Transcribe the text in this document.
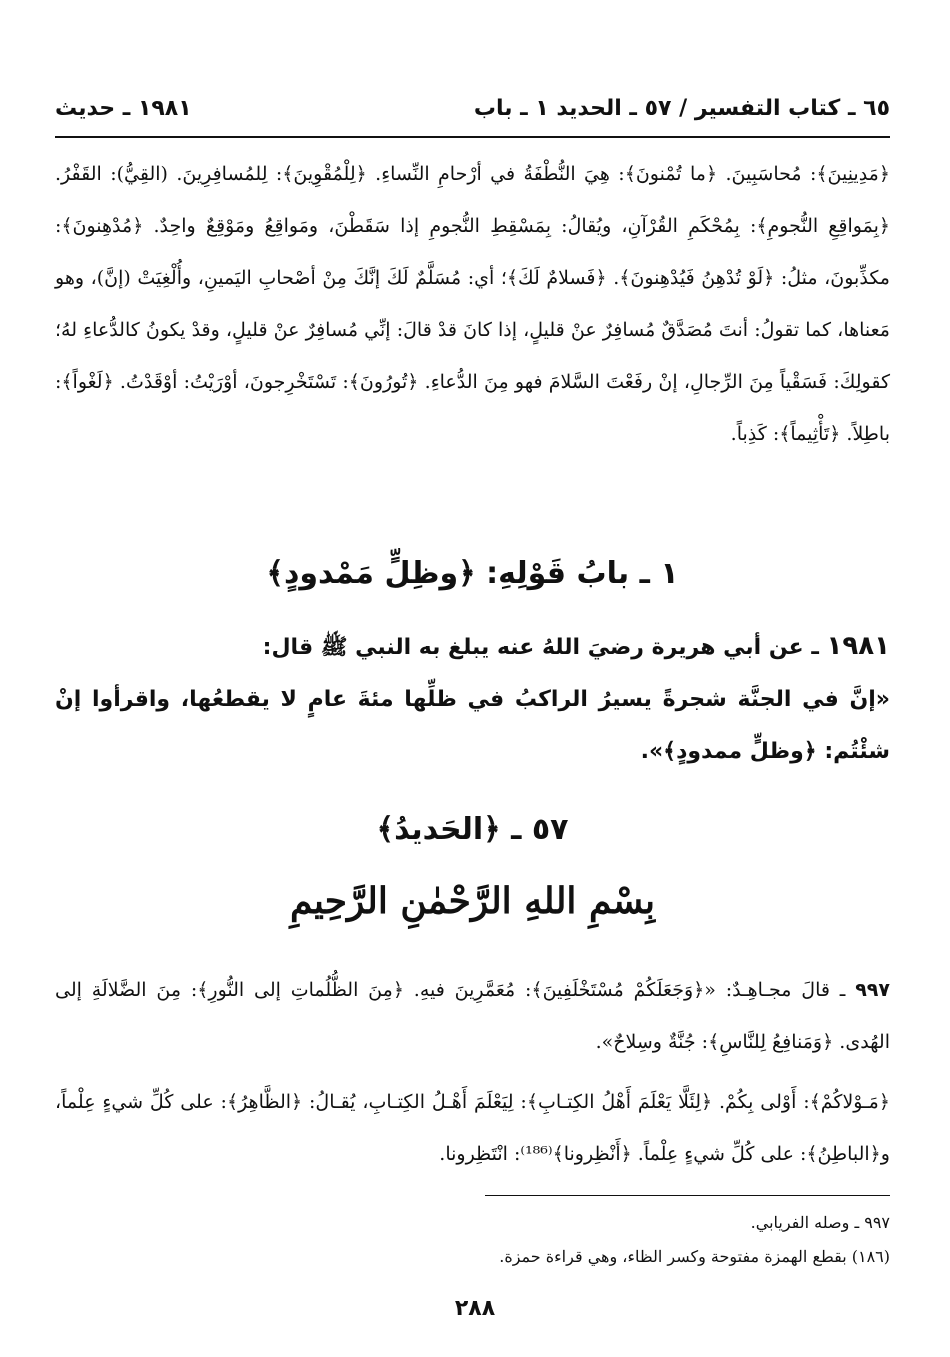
٦٥ ـ كتاب التفسير / ٥٧ ـ الحديد ١ ـ باب
١٩٨١ ـ حديث

﴿مَدِينِينَ﴾: مُحاسَبِينَ. ﴿ما تُمْنونَ﴾: هِيَ النُّطْفَةُ في أرْحامِ النِّساءِ. ﴿لِلْمُقْوِينَ﴾: لِلمُسافِرِينَ. (القِيُّ): القَفْرُ. ﴿بِمَواقِعِ النُّجومِ﴾: بِمُحْكَمِ القُرْآنِ، ويُقالُ: بِمَسْقِطِ النُّجومِ إذا سَقَطْنَ، ومَواقِعُ ومَوْقِعٌ واحِدٌ. ﴿مُدْهِنونَ﴾: مكذِّبونَ، مثلُ: ﴿لَوْ تُدْهِنُ فَيُدْهِنونَ﴾. ﴿فَسلامٌ لَكَ﴾؛ أي: مُسَلَّمٌ لَكَ إنَّكَ مِنْ أصْحابِ اليَمينِ، وأُلْغِيَتْ (إنَّ)، وهو مَعناها، كما تقولُ: أنتَ مُصَدَّقٌ مُسافِرٌ عنْ قليلٍ، إذا كانَ قدْ قالَ: إنِّي مُسافِرٌ عنْ قليلٍ، وقدْ يكونُ كالدُّعاءِ لهُ؛ كقولِكَ: فَسَقْياً مِنَ الرِّجالِ، إنْ رفَعْتَ السَّلامَ فهو مِنَ الدُّعاءِ. ﴿تُورُونَ﴾: تَسْتَخْرِجونَ، أوْرَيْتُ: أوْقَدْتُ. ﴿لَغْواً﴾: باطِلاً. ﴿تَأْثِيماً﴾: كَذِباً.

١ ـ بابُ قَوْلِهِ: ﴿وظِلٍّ مَمْدودٍ﴾

١٩٨١ ـ عن أبي هريرة رضيَ اللهُ عنه يبلغ به النبي ﷺ قال:
«إنَّ في الجنَّة شجرةً يسيرُ الراكبُ في ظلِّها مئةَ عامٍ لا يقطعُها، واقرأوا إنْ شئْتُم: ﴿وظلٍّ ممدودٍ﴾».

٥٧ ـ ﴿الحَديدُ﴾
بِسْمِ اللهِ الرَّحْمٰنِ الرَّحِيمِ

٩٩٧ ـ قالَ مجـاهِـدٌ: «﴿وَجَعَلَكُمْ مُسْتَخْلَفِينَ﴾: مُعَمَّرِينَ فيهِ. ﴿مِنَ الظُّلُماتِ إلى النُّورِ﴾: مِنَ الضَّلالَةِ إلى الهُدى. ﴿وَمَنافِعُ لِلنَّاسِ﴾: جُنَّةٌ وسِلاحٌ».

﴿مَـوْلاكُمْ﴾: أَوْلى بِكُمْ. ﴿لِئَلَّا يَعْلَمَ أَهْلُ الكِتـابِ﴾: لِيَعْلَمَ أَهْـلُ الكِتـابِ، يُقـالُ: ﴿الظَّاهِرُ﴾: على كُلِّ شيءٍ عِلْماً، و﴿الباطِنُ﴾: على كُلِّ شيءٍ عِلْماً. ﴿أَنْظِرونا﴾⁽¹⁸⁶⁾: انْتَظِرونا.

٩٩٧ ـ وصله الفريابي.
(١٨٦) بقطع الهمزة مفتوحة وكسر الظاء، وهي قراءة حمزة.

٢٨٨
